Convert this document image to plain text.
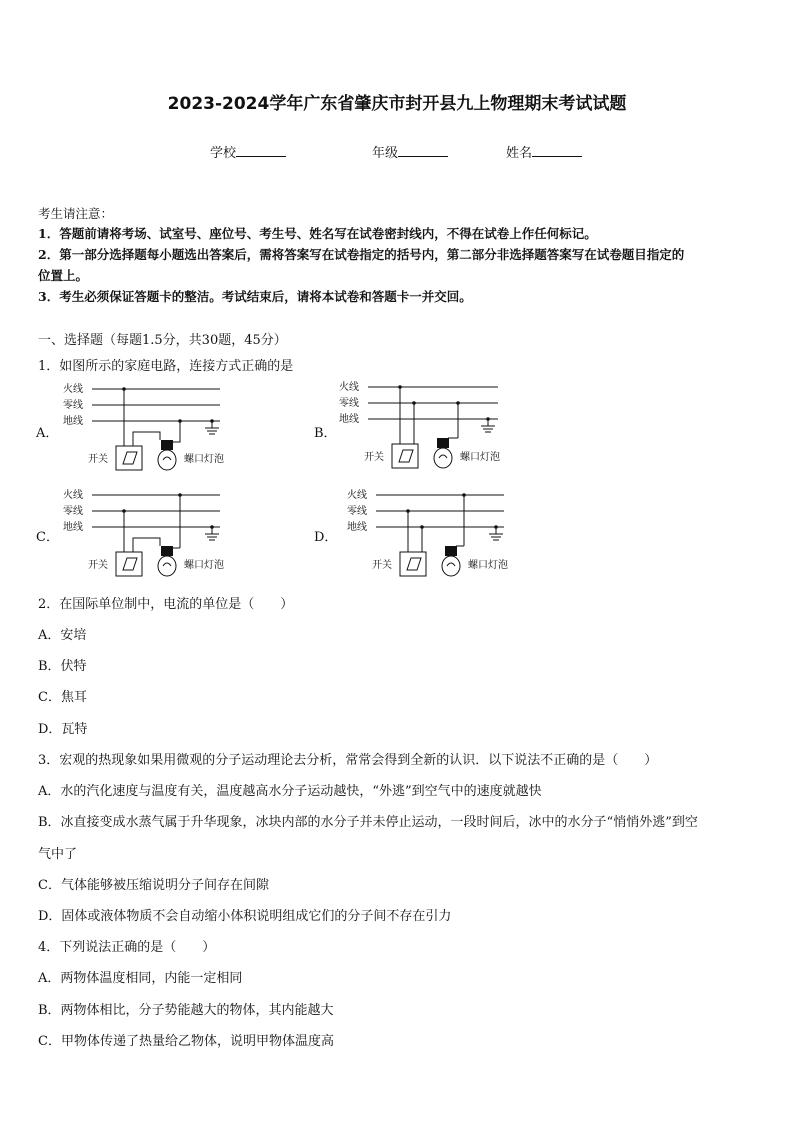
2023-2024学年广东省肇庆市封开县九上物理期末考试试题
学校	年级	姓名
考生请注意：
1．答题前请将考场、试室号、座位号、考生号、姓名写在试卷密封线内，不得在试卷上作任何标记。
2．第一部分选择题每小题选出答案后，需将答案写在试卷指定的括号内，第二部分非选择题答案写在试卷题目指定的
位置上。
3．考生必须保证答题卡的整洁。考试结束后，请将本试卷和答题卡一并交回。
一、选择题（每题1.5分，共30题，45分）
1．如图所示的家庭电路，连接方式正确的是
A．	B．
C．	D．
火线
零线
地线
开关	螺口灯泡
火线
零线
地线
开关	螺口灯泡
火线
零线
地线
开关	螺口灯泡
火线
零线
地线
开关	螺口灯泡
2．在国际单位制中，电流的单位是（　　）
A．安培
B．伏特
C．焦耳
D．瓦特
3．宏观的热现象如果用微观的分子运动理论去分析，常常会得到全新的认识．以下说法不正确的是（　　）
A．水的汽化速度与温度有关，温度越高水分子运动越快，“外逃”到空气中的速度就越快
B．冰直接变成水蒸气属于升华现象，冰块内部的水分子并未停止运动，一段时间后，冰中的水分子“悄悄外逃”到空
气中了
C．气体能够被压缩说明分子间存在间隙
D．固体或液体物质不会自动缩小体积说明组成它们的分子间不存在引力
4．下列说法正确的是（　　）
A．两物体温度相同，内能一定相同
B．两物体相比，分子势能越大的物体，其内能越大
C．甲物体传递了热量给乙物体，说明甲物体温度高
